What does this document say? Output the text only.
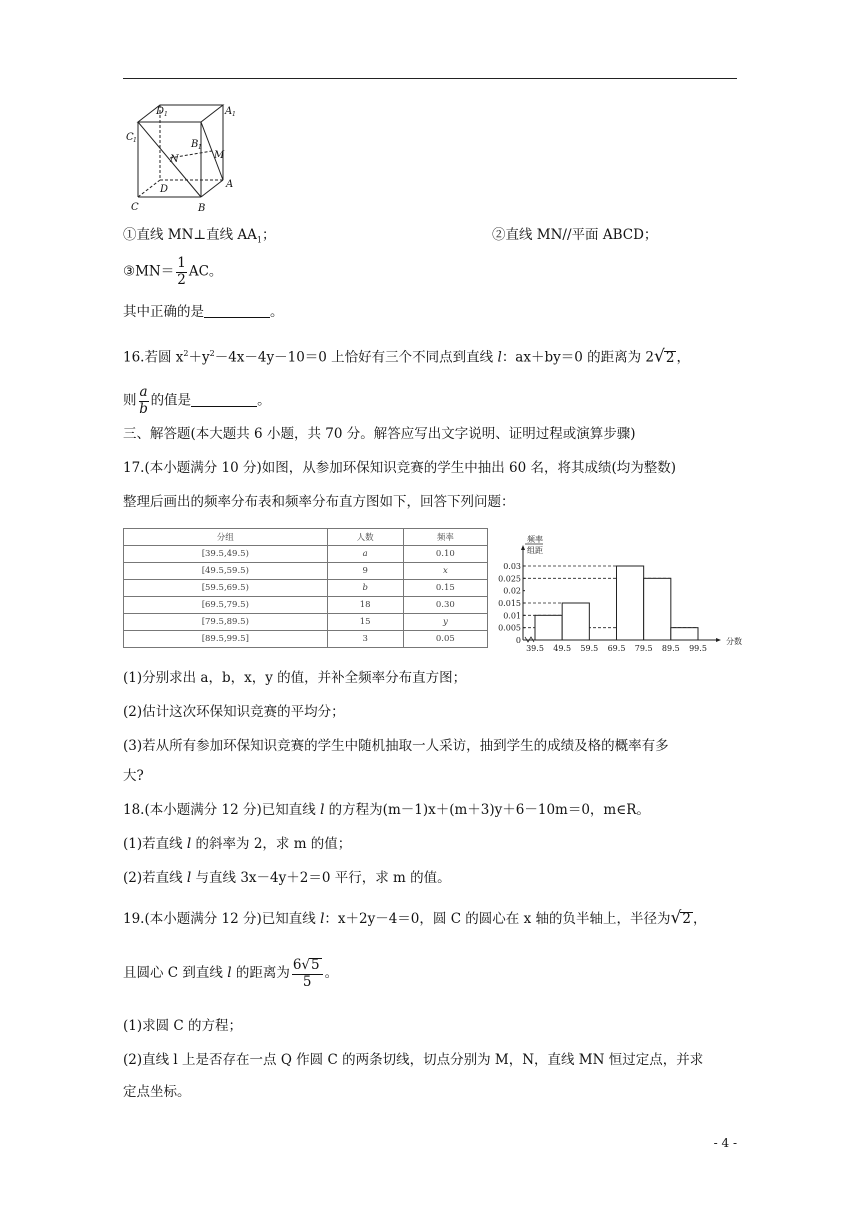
D 1	A 1
C 1	B 1
N	M
D	A
C	B
①直线 MN⊥直线 $AA_1$；	②直线 MN//平面 ABCD；
③MN＝ $\frac{1}{2}$ AC。
其中正确的是	。
16.若圆 $x^2+y^2-4x-4y-10=0$ 上恰好有三个不同点到直线 l：ax＋by＝0 的距离为 2√2 ，
则 $\frac{a}{b}$ 的值是	。
三、解答题(本大题共 6 小题，共 70 分。解答应写出文字说明、证明过程或演算步骤)
17.(本小题满分 10 分)如图，从参加环保知识竞赛的学生中抽出 60 名，将其成绩(均为整数)
整理后画出的频率分布表和频率分布直方图如下，回答下列问题：
分组	人数	频率
[39.5,49.5)	a	0.10
[49.5,59.5)	9	x
[59.5,69.5)	b	0.15
[69.5,79.5)	18	0.30
[79.5,89.5)	15	y
[89.5,99.5]	3	0.05
频率
组距
0.03
0.025
0.02
0.015
0.01
0.005
0
39.5 49.5 59.5 69.5 79.5 89.5 99.5
分数
(1)分别求出 a，b，x，y 的值，并补全频率分布直方图；
(2)估计这次环保知识竞赛的平均分；
(3)若从所有参加环保知识竞赛的学生中随机抽取一人采访，抽到学生的成绩及格的概率有多
大?
18.(本小题满分 12 分)已知直线 l 的方程为(m－1)x＋(m＋3)y＋6－10m＝0，m∈R。
(1)若直线 l 的斜率为 2，求 m 的值；
(2)若直线 l 与直线 3x－4y＋2＝0 平行，求 m 的值。
19.(本小题满分 12 分)已知直线 l：x＋2y－4＝0，圆 C 的圆心在 x 轴的负半轴上，半径为√2 ，
且圆心 C 到直线 l 的距离为 $\frac{6√5}{5}$ 。
(1)求圆 C 的方程；
(2)直线 l 上是否存在一点 Q 作圆 C 的两条切线，切点分别为 M，N，直线 MN 恒过定点，并求
定点坐标。
- 4 -
